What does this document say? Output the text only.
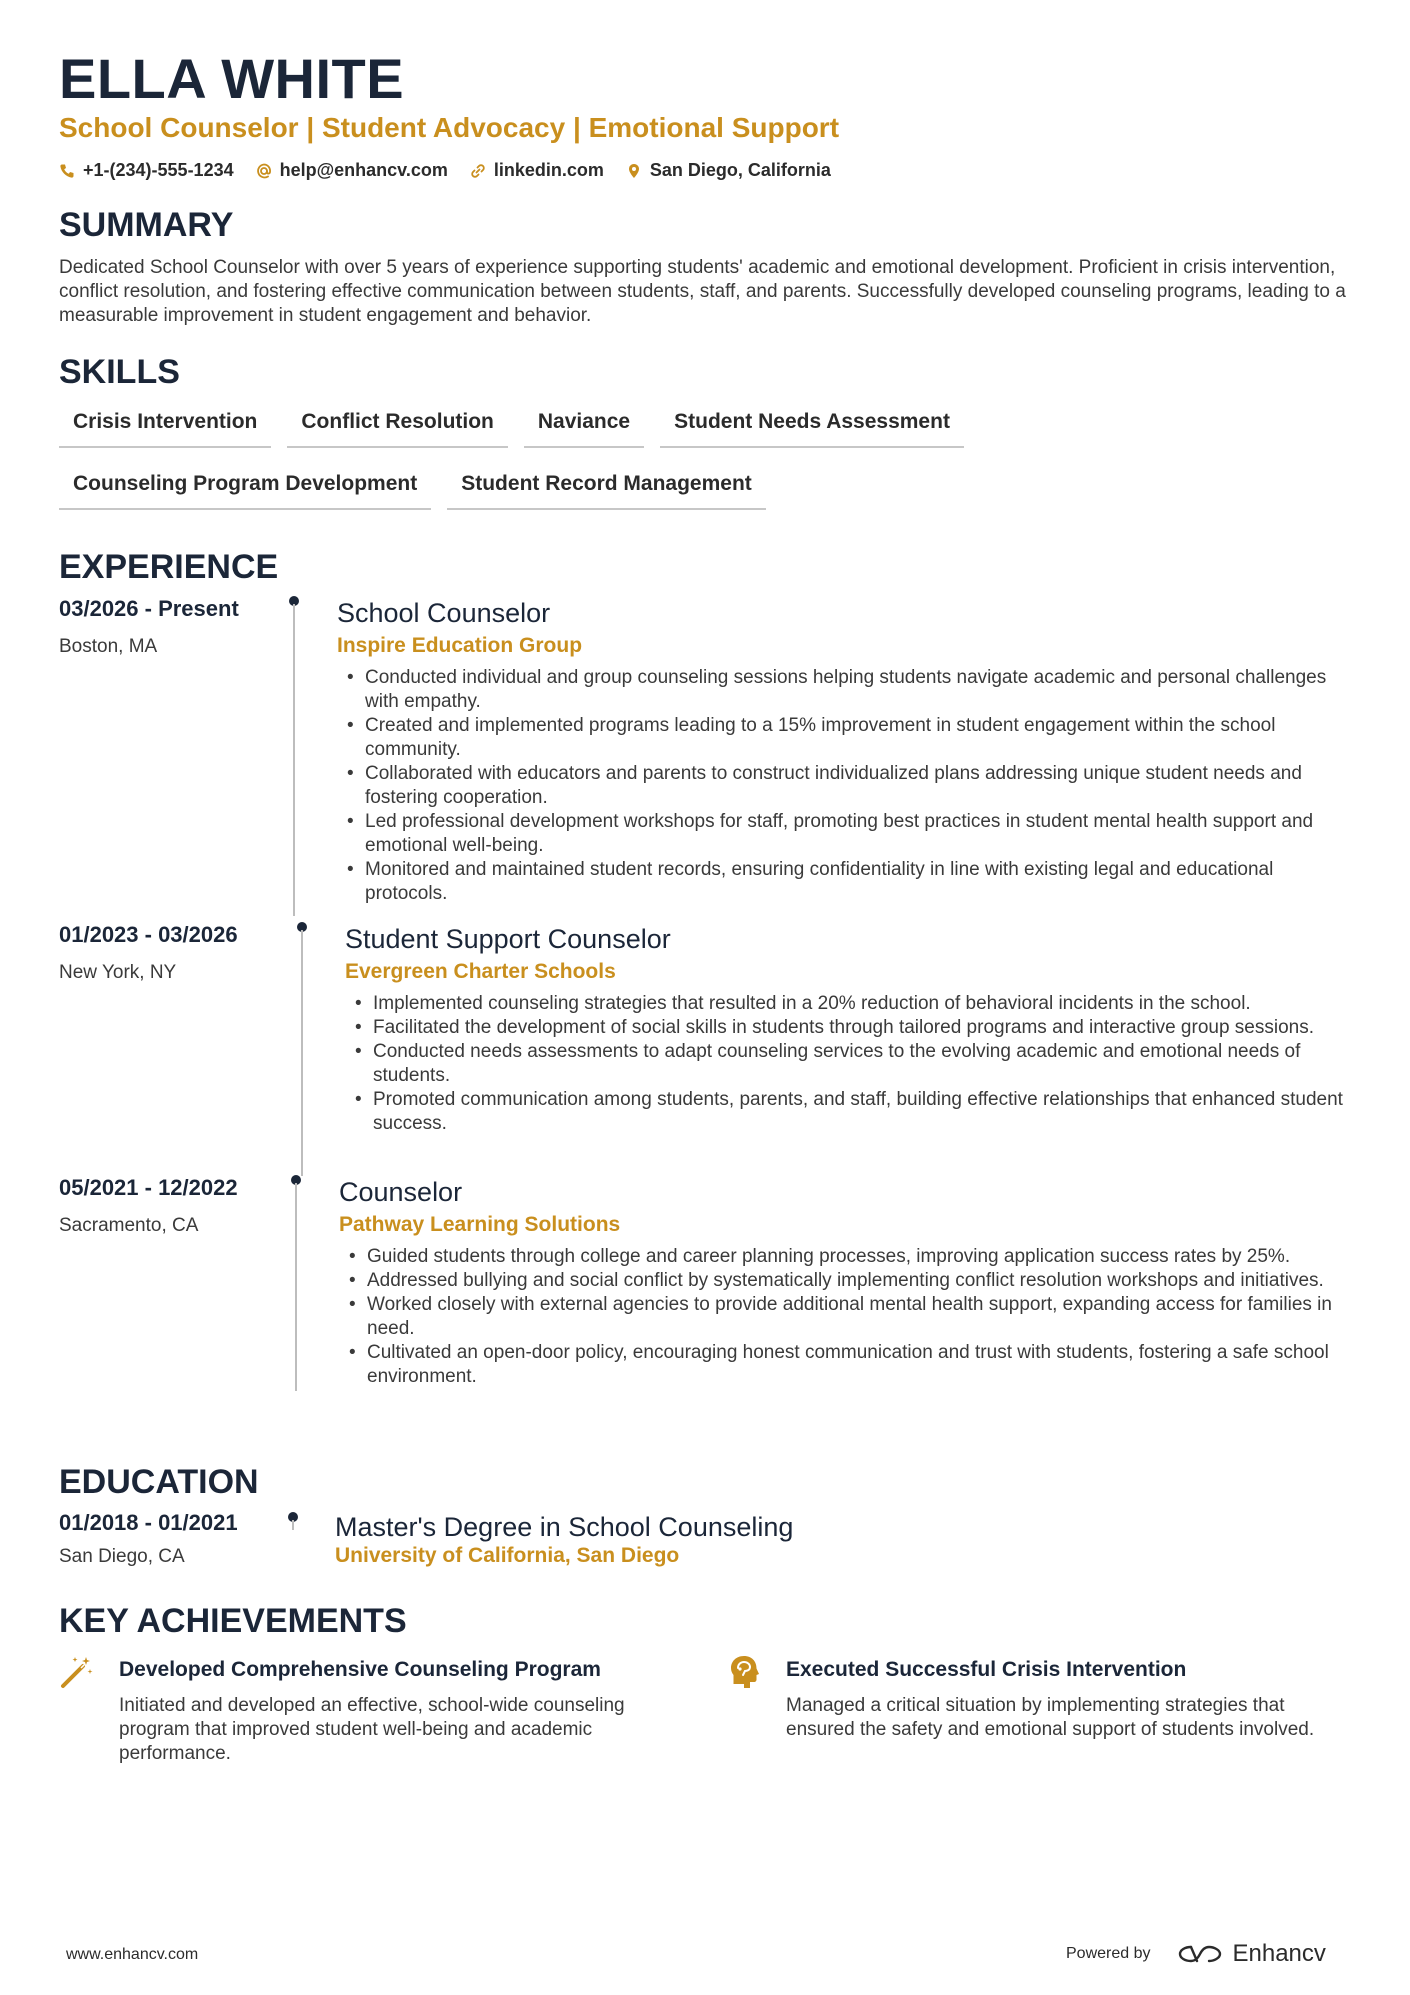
ELLA WHITE
School Counselor | Student Advocacy | Emotional Support
+1-(234)-555-1234	help@enhancv.com	linkedin.com	San Diego, California
SUMMARY
Dedicated School Counselor with over 5 years of experience supporting students' academic and emotional development. Proficient in crisis intervention, conflict resolution, and fostering effective communication between students, staff, and parents. Successfully developed counseling programs, leading to a measurable improvement in student engagement and behavior.
SKILLS
Crisis Intervention	Conflict Resolution	Naviance	Student Needs Assessment
Counseling Program Development	Student Record Management
EXPERIENCE
03/2026 - Present
Boston, MA
School Counselor
Inspire Education Group
• Conducted individual and group counseling sessions helping students navigate academic and personal challenges with empathy.
• Created and implemented programs leading to a 15% improvement in student engagement within the school community.
• Collaborated with educators and parents to construct individualized plans addressing unique student needs and fostering cooperation.
• Led professional development workshops for staff, promoting best practices in student mental health support and emotional well-being.
• Monitored and maintained student records, ensuring confidentiality in line with existing legal and educational protocols.
01/2023 - 03/2026
New York, NY
Student Support Counselor
Evergreen Charter Schools
• Implemented counseling strategies that resulted in a 20% reduction of behavioral incidents in the school.
• Facilitated the development of social skills in students through tailored programs and interactive group sessions.
• Conducted needs assessments to adapt counseling services to the evolving academic and emotional needs of students.
• Promoted communication among students, parents, and staff, building effective relationships that enhanced student success.
05/2021 - 12/2022
Sacramento, CA
Counselor
Pathway Learning Solutions
• Guided students through college and career planning processes, improving application success rates by 25%.
• Addressed bullying and social conflict by systematically implementing conflict resolution workshops and initiatives.
• Worked closely with external agencies to provide additional mental health support, expanding access for families in need.
• Cultivated an open-door policy, encouraging honest communication and trust with students, fostering a safe school environment.
EDUCATION
01/2018 - 01/2021
San Diego, CA
Master's Degree in School Counseling
University of California, San Diego
KEY ACHIEVEMENTS
Developed Comprehensive Counseling Program
Initiated and developed an effective, school-wide counseling program that improved student well-being and academic performance.
Executed Successful Crisis Intervention
Managed a critical situation by implementing strategies that ensured the safety and emotional support of students involved.
www.enhancv.com	Powered by	Enhancv
